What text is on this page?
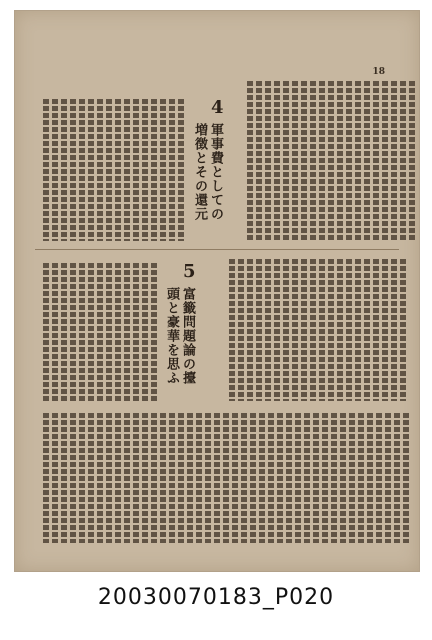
18
4
軍事費としての増徴とその還元
5
富籤問題論の擡頭と豪華を思ふ
20030070183_P020
